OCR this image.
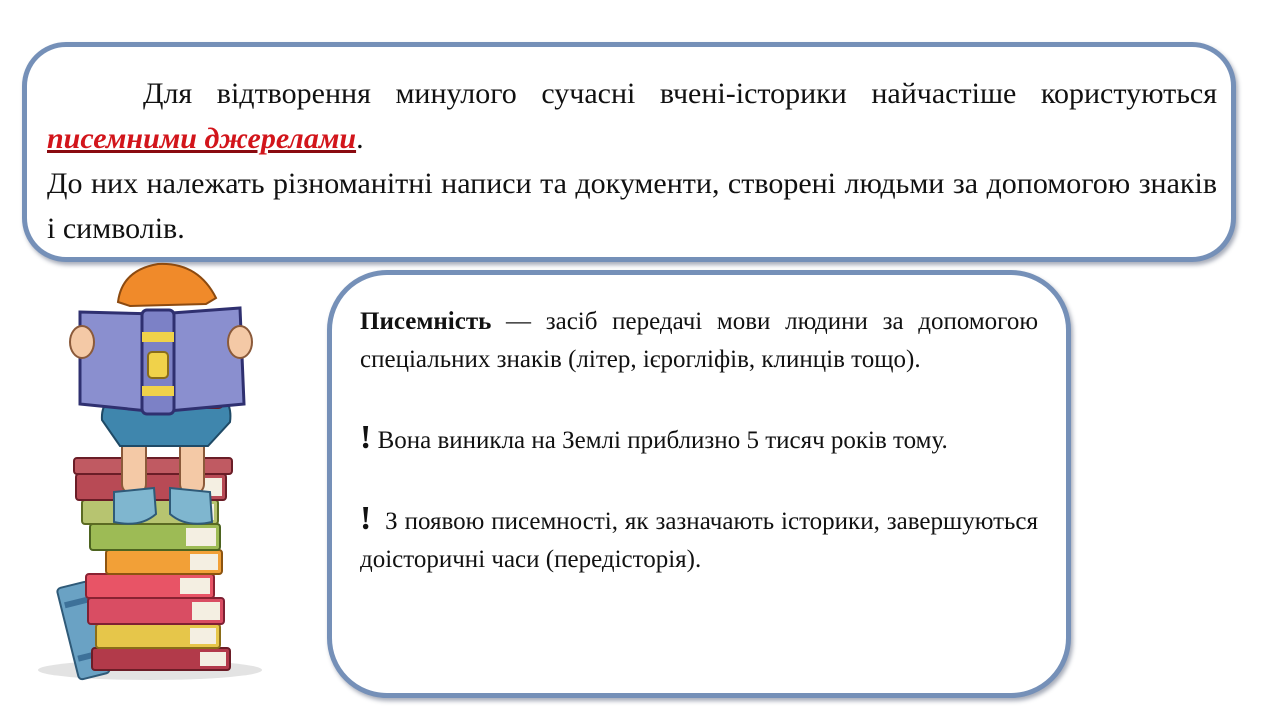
Для відтворення минулого сучасні вчені-історики найчастіше користуються писемними джерелами.
До них належать різноманітні написи та документи, створені людьми за допомогою знаків і символів.

Писемність — засіб передачі мови людини за допомогою спеціальних знаків (літер, ієрогліфів, клинців тощо).

! Вона виникла на Землі приблизно 5 тисяч років тому.

!  З появою писемності, як зазначають історики, завершуються доісторичні часи (передісторія).
